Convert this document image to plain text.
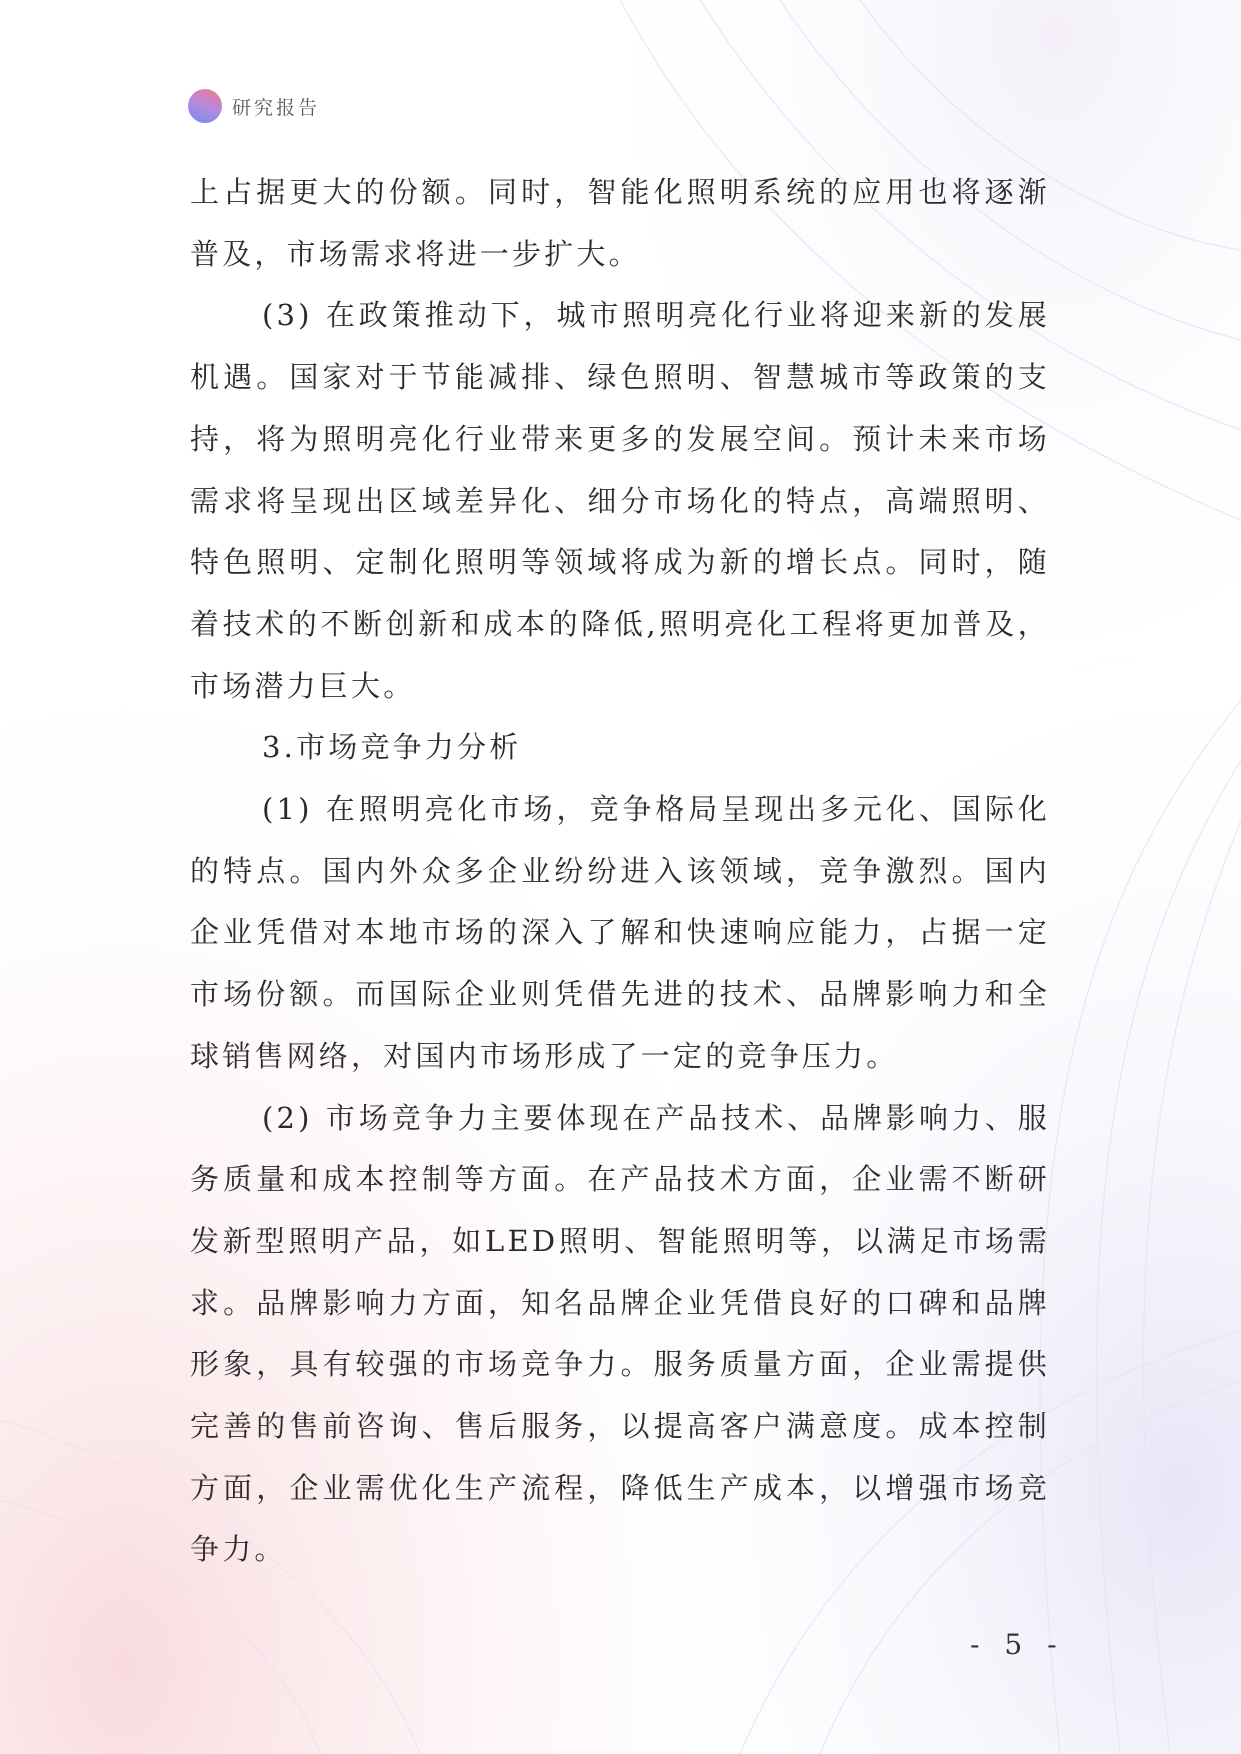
研究报告

上占据更大的份额。同时，智能化照明系统的应用也将逐渐普及，市场需求将进一步扩大。

(3) 在政策推动下，城市照明亮化行业将迎来新的发展机遇。国家对于节能减排、绿色照明、智慧城市等政策的支持，将为照明亮化行业带来更多的发展空间。预计未来市场需求将呈现出区域差异化、细分市场化的特点，高端照明、特色照明、定制化照明等领域将成为新的增长点。同时，随着技术的不断创新和成本的降低,照明亮化工程将更加普及，市场潜力巨大。

3.市场竞争力分析

(1) 在照明亮化市场，竞争格局呈现出多元化、国际化的特点。国内外众多企业纷纷进入该领域，竞争激烈。国内企业凭借对本地市场的深入了解和快速响应能力，占据一定市场份额。而国际企业则凭借先进的技术、品牌影响力和全球销售网络，对国内市场形成了一定的竞争压力。

(2) 市场竞争力主要体现在产品技术、品牌影响力、服务质量和成本控制等方面。在产品技术方面，企业需不断研发新型照明产品，如LED照明、智能照明等，以满足市场需求。品牌影响力方面，知名品牌企业凭借良好的口碑和品牌形象，具有较强的市场竞争力。服务质量方面，企业需提供完善的售前咨询、售后服务，以提高客户满意度。成本控制方面，企业需优化生产流程，降低生产成本，以增强市场竞争力。

- 5 -
